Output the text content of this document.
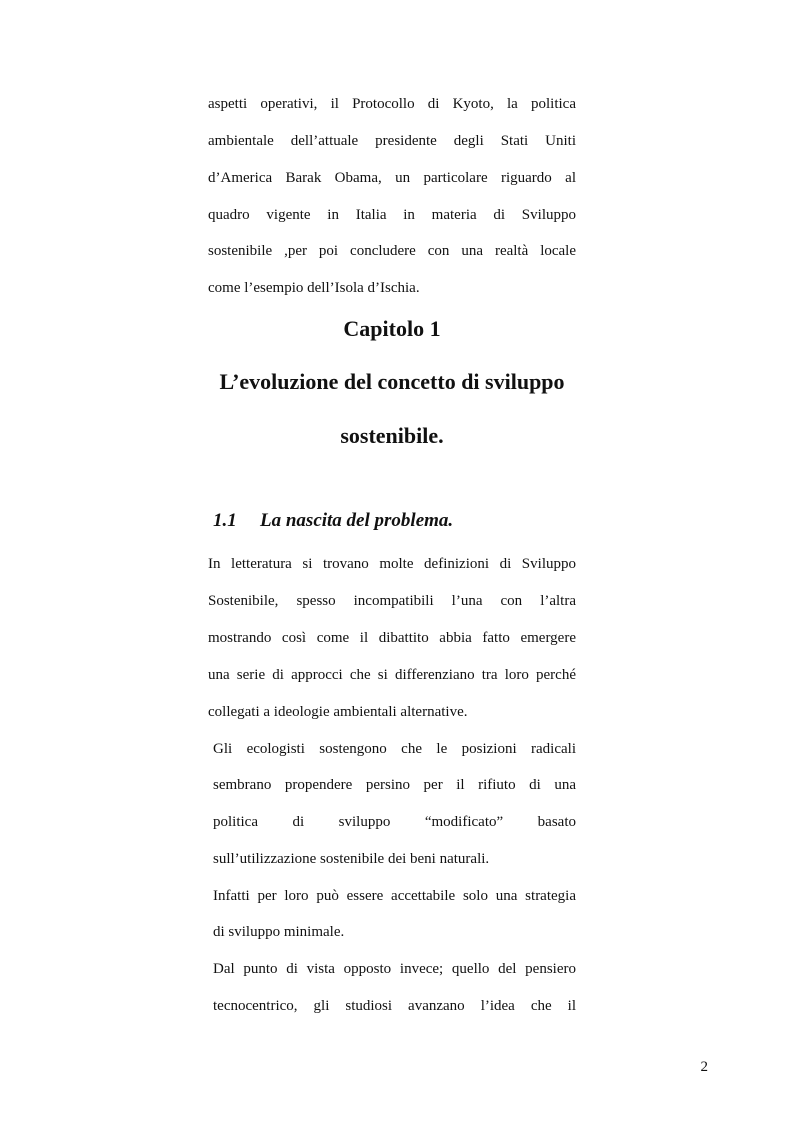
aspetti operativi, il Protocollo di Kyoto, la politica
ambientale dell’attuale presidente degli Stati Uniti
d’America Barak Obama, un particolare riguardo al
quadro vigente in Italia in materia di Sviluppo
sostenibile ,per poi concludere con una realtà locale
come l’esempio dell’Isola d’Ischia.
Capitolo 1
L’evoluzione del concetto di sviluppo
sostenibile.
1.1 La nascita del problema.
In letteratura si trovano molte definizioni di Sviluppo
Sostenibile, spesso incompatibili l’una con l’altra
mostrando così come il dibattito abbia fatto emergere
una serie di approcci che si differenziano tra loro perché
collegati a ideologie ambientali alternative.
Gli ecologisti sostengono che le posizioni radicali
sembrano propendere persino per il rifiuto di una
politica di sviluppo “modificato” basato
sull’utilizzazione sostenibile dei beni naturali.
Infatti per loro può essere accettabile solo una strategia
di sviluppo minimale.
Dal punto di vista opposto invece; quello del pensiero
tecnocentrico, gli studiosi avanzano l’idea che il
2
